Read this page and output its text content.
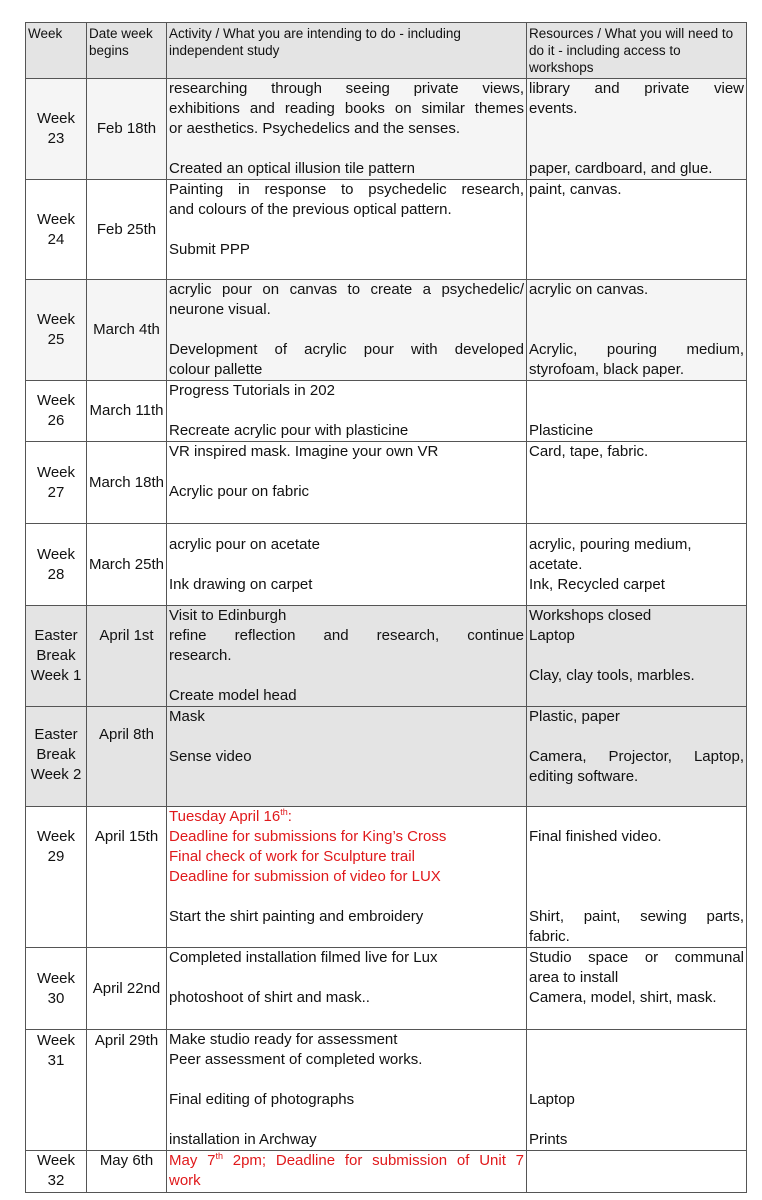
Week	Date week begins	Activity / What you are intending to do - including independent study	Resources / What you will need to do it - including access to workshops
Week 23	Feb 18th	researching through seeing private views,
exhibitions and reading books on similar themes
or aesthetics. Psychedelics and the senses.
Created an optical illusion tile pattern	library and private view
events.
paper, cardboard, and glue.

Week 24	Feb 25th	Painting in response to psychedelic research,
and colours of the previous optical pattern.
Submit PPP	paint, canvas.

Week 25	March 4th	acrylic pour on canvas to create a psychedelic/
neurone visual.
Development of acrylic pour with developed
colour pallette	acrylic on canvas.
Acrylic, pouring medium,
styrofoam, black paper.

Week 26	March 11th	Progress Tutorials in 202
Recreate acrylic pour with plasticine	Plasticine

Week 27	March 18th	VR inspired mask. Imagine your own VR
Acrylic pour on fabric	Card, tape, fabric.

Week 28	March 25th	acrylic pour on acetate
Ink drawing on carpet	acrylic, pouring medium,
acetate.
Ink, Recycled carpet

Easter Break Week 1	April 1st	Visit to Edinburgh
refine reflection and research, continue
research.
Create model head	Workshops closed
Laptop
Clay, clay tools, marbles.

Easter Break Week 2	April 8th	Mask
Sense video	Plastic, paper
Camera, Projector, Laptop,
editing software.

Week 29	April 15th	Tuesday April 16th:
Deadline for submissions for King’s Cross
Final check of work for Sculpture trail
Deadline for submission of video for LUX
Start the shirt painting and embroidery	Final finished video.
Shirt, paint, sewing parts,
fabric.

Week 30	April 22nd	Completed installation filmed live for Lux
photoshoot of shirt and mask..	Studio space or communal
area to install
Camera, model, shirt, mask.

Week 31	April 29th	Make studio ready for assessment
Peer assessment of completed works.
Final editing of photographs
installation in Archway	Laptop
Prints

Week 32	May 6th	May 7th 2pm; Deadline for submission of Unit 7
work	
